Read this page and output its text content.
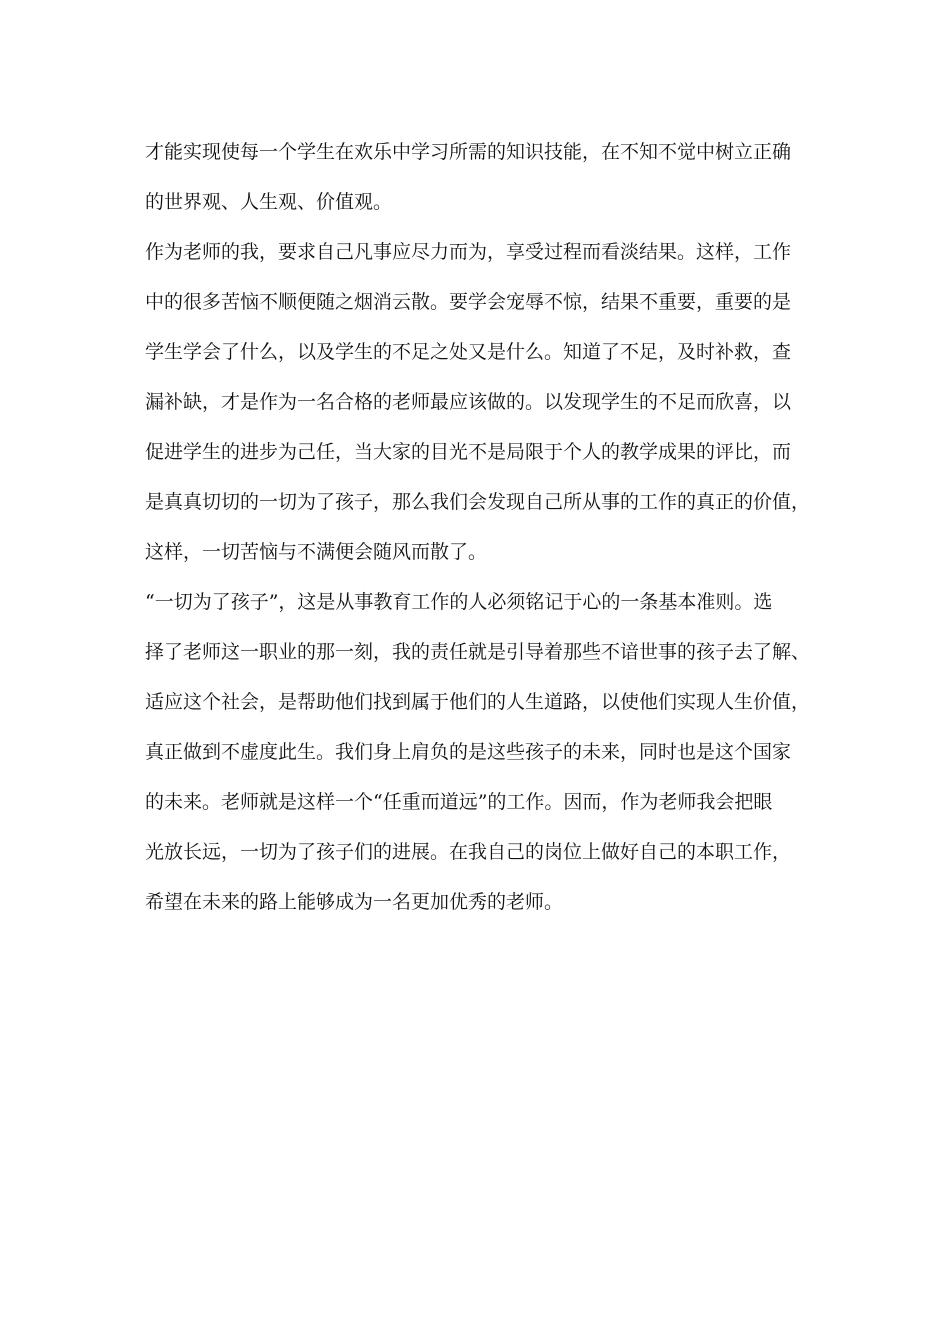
才能实现使每一个学生在欢乐中学习所需的知识技能，在不知不觉中树立正确
的世界观、人生观、价值观。
作为老师的我，要求自己凡事应尽力而为，享受过程而看淡结果。这样，工作
中的很多苦恼不顺便随之烟消云散。要学会宠辱不惊，结果不重要，重要的是
学生学会了什么，以及学生的不足之处又是什么。知道了不足，及时补救，查
漏补缺，才是作为一名合格的老师最应该做的。以发现学生的不足而欣喜，以
促进学生的进步为己任，当大家的目光不是局限于个人的教学成果的评比，而
是真真切切的一切为了孩子，那么我们会发现自己所从事的工作的真正的价值，
这样，一切苦恼与不满便会随风而散了。
“一切为了孩子”，这是从事教育工作的人必须铭记于心的一条基本准则。选
择了老师这一职业的那一刻，我的责任就是引导着那些不谙世事的孩子去了解、
适应这个社会，是帮助他们找到属于他们的人生道路，以使他们实现人生价值，
真正做到不虚度此生。我们身上肩负的是这些孩子的未来，同时也是这个国家
的未来。老师就是这样一个“任重而道远”的工作。因而，作为老师我会把眼
光放长远，一切为了孩子们的进展。在我自己的岗位上做好自己的本职工作，
希望在未来的路上能够成为一名更加优秀的老师。
